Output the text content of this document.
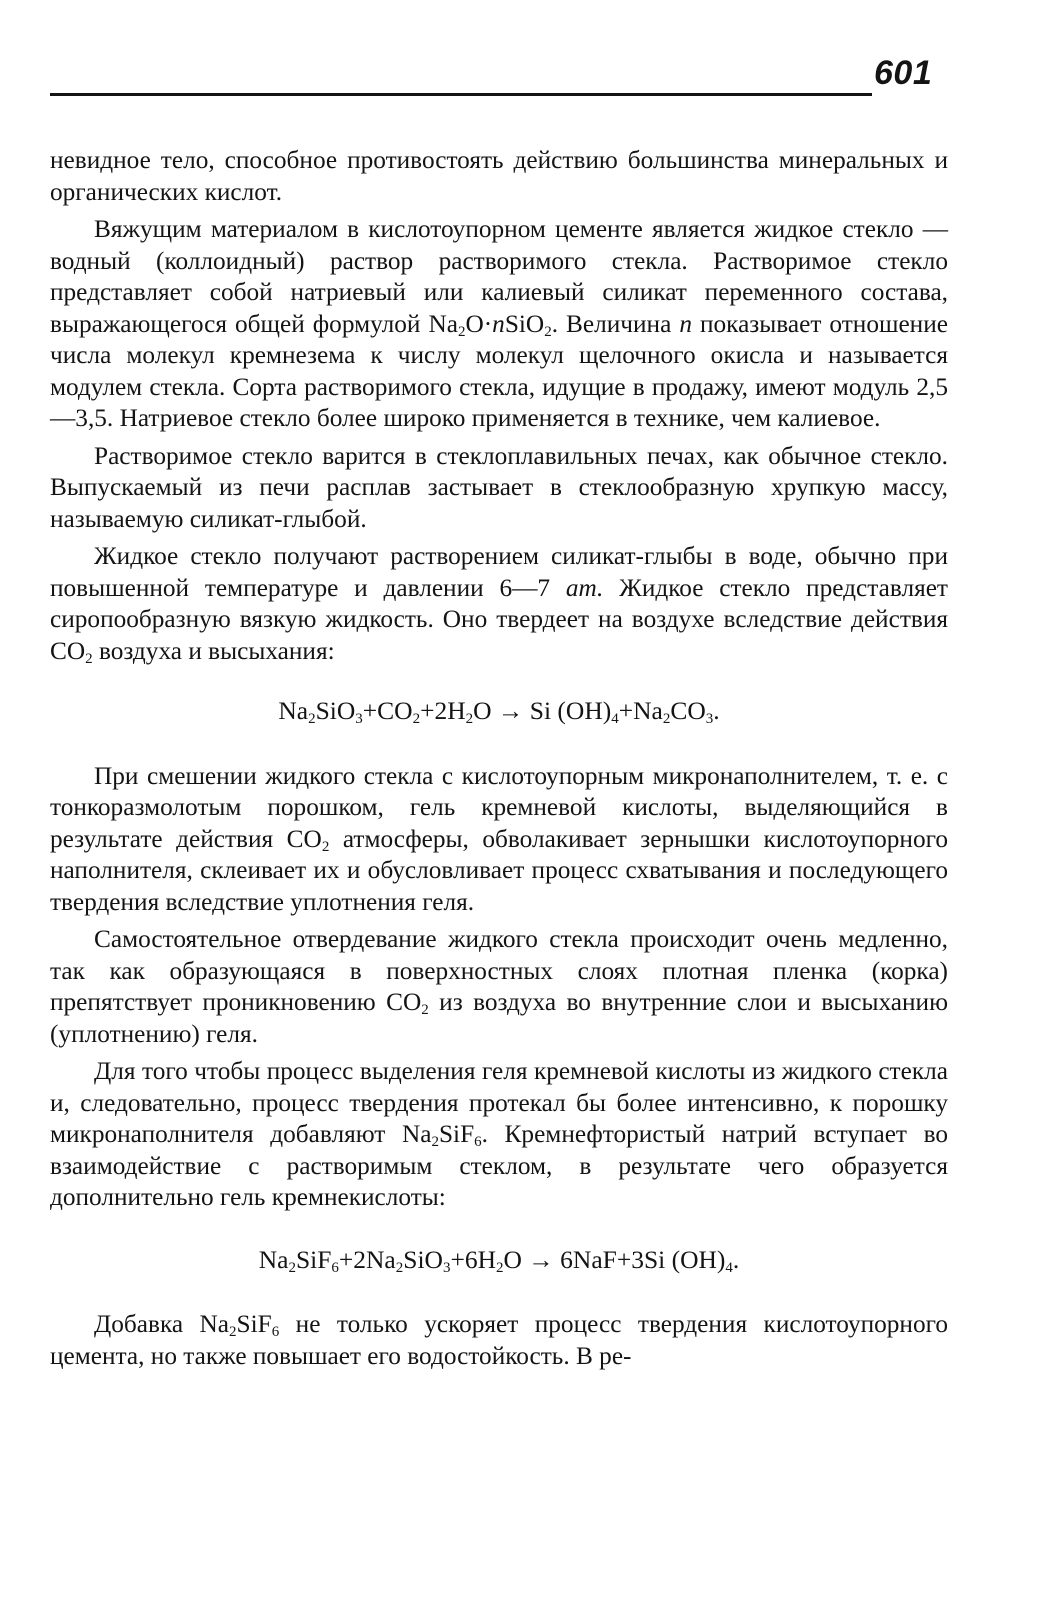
601

невидное тело, способное противостоять действию большинства минеральных и органических кислот.

Вяжущим материалом в кислотоупорном цементе является жидкое стекло — водный (коллоидный) раствор растворимого стекла. Растворимое стекло представляет собой натриевый или калиевый силикат переменного состава, выражающегося общей формулой $Na_2O\cdot nSiO_2$. Величина n показывает отношение числа молекул кремнезема к числу молекул щелочного окисла и называется модулем стекла. Сорта растворимого стекла, идущие в продажу, имеют модуль 2,5—3,5. Натриевое стекло более широко применяется в технике, чем калиевое.

Растворимое стекло варится в стеклоплавильных печах, как обычное стекло. Выпускаемый из печи расплав застывает в стеклообразную хрупкую массу, называемую силикат-глыбой.

Жидкое стекло получают растворением силикат-глыбы в воде, обычно при повышенной температуре и давлении 6—7 ат. Жидкое стекло представляет сиропообразную вязкую жидкость. Оно твердеет на воздухе вследствие действия $CO_2$ воздуха и высыхания:

$Na_2SiO_3+CO_2+2H_2O \to Si$ $(OH)_4+Na_2CO_3$.

При смешении жидкого стекла с кислотоупорным микронаполнителем, т. е. с тонкоразмолотым порошком, гель кремневой кислоты, выделяющийся в результате действия $CO_2$ атмосферы, обволакивает зернышки кислотоупорного наполнителя, склеивает их и обусловливает процесс схватывания и последующего твердения вследствие уплотнения геля.

Самостоятельное отвердевание жидкого стекла происходит очень медленно, так как образующаяся в поверхностных слоях плотная пленка (корка) препятствует проникновению $CO_2$ из воздуха во внутренние слои и высыханию (уплотнению) геля.

Для того чтобы процесс выделения геля кремневой кислоты из жидкого стекла и, следовательно, процесс твердения протекал бы более интенсивно, к порошку микронаполнителя добавляют $Na_2SiF_6$. Кремнефтористый натрий вступает во взаимодействие с растворимым стеклом, в результате чего образуется дополнительно гель кремнекислоты:

$Na_2SiF_6+2Na_2SiO_3+6H_2O \to 6NaF+3Si$ $(OH)_4$.

Добавка $Na_2SiF_6$ не только ускоряет процесс твердения кислотоупорного цемента, но также повышает его водостойкость. В ре-
